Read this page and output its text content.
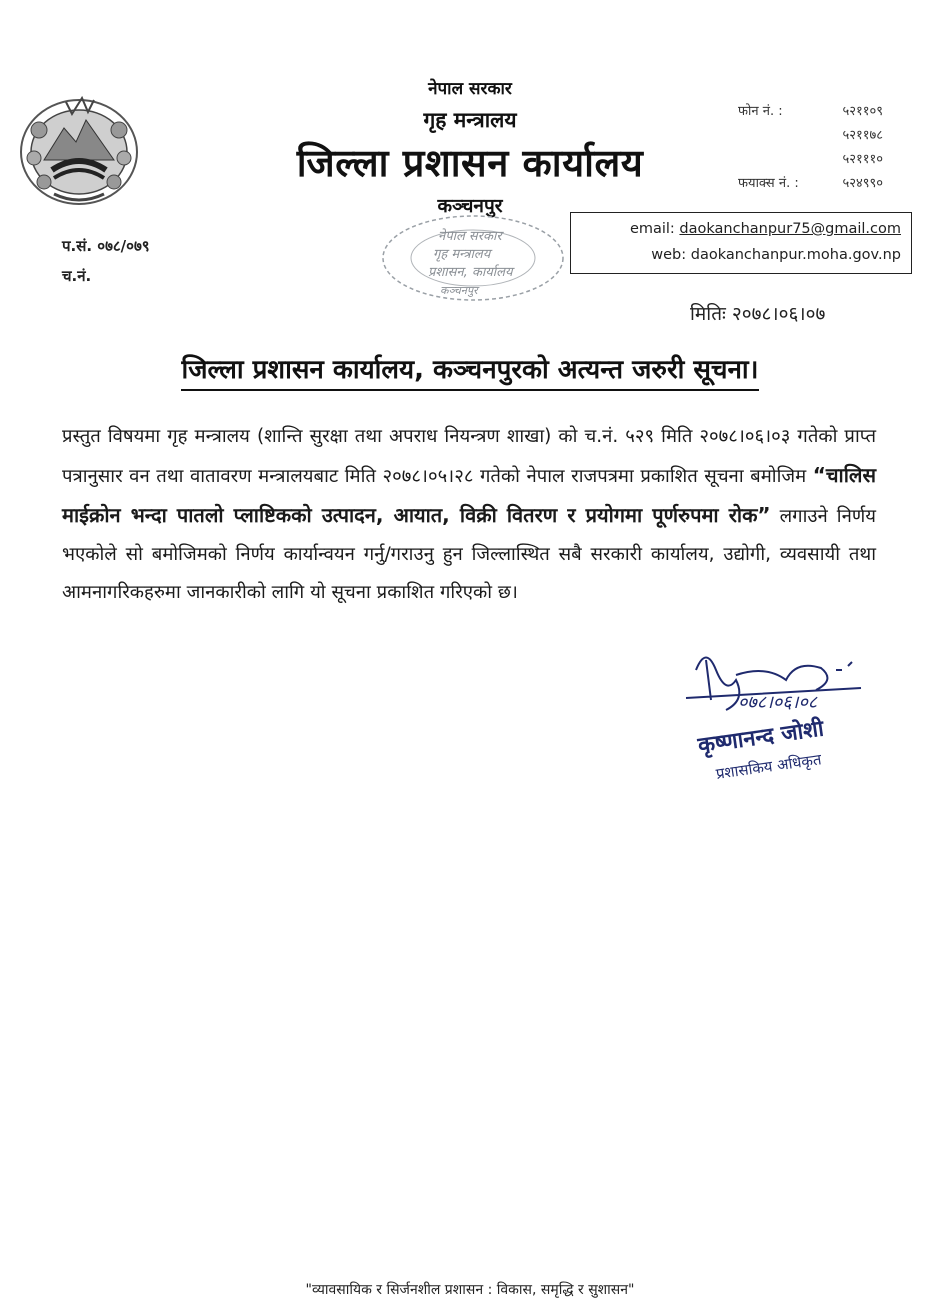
नेपाल सरकार
गृह मन्त्रालय
जिल्ला प्रशासन कार्यालय
कञ्चनपुर
फोन नं. :	५२११०९
५२११७८
५२१११०
फयाक्स नं. :	५२४९९०
नेपाल सरकार
गृह मन्त्रालय
प्रशासन, कार्यालय
कञ्चनपुर
email: daokanchanpur75@gmail.com
web: daokanchanpur.moha.gov.np
प.सं. ०७८/०७९
च.नं.
मितिः २०७८।०६।०७
जिल्ला प्रशासन कार्यालय, कञ्चनपुरको अत्यन्त जरुरी सूचना।
प्रस्तुत विषयमा गृह मन्त्रालय (शान्ति सुरक्षा तथा अपराध नियन्त्रण शाखा) को च.नं. ५२९ मिति २०७८।०६।०३ गतेको प्राप्त पत्रानुसार वन तथा वातावरण मन्त्रालयबाट मिति २०७८।०५।२८ गतेको नेपाल राजपत्रमा प्रकाशित सूचना बमोजिम “चालिस माईक्रोन भन्दा पातलो प्लाष्टिकको उत्पादन, आयात, विक्री वितरण र प्रयोगमा पूर्णरुपमा रोक” लगाउने निर्णय भएकोले सो बमोजिमको निर्णय कार्यान्वयन गर्नु/गराउनु हुन जिल्लास्थित सबै सरकारी कार्यालय, उद्योगी, व्यवसायी तथा आमनागरिकहरुमा जानकारीको लागि यो सूचना प्रकाशित गरिएको छ।
०७८।०६।०८
कृष्णानन्द जोशी
प्रशासकिय अधिकृत
"व्यावसायिक र सिर्जनशील प्रशासन : विकास, समृद्धि र सुशासन"
